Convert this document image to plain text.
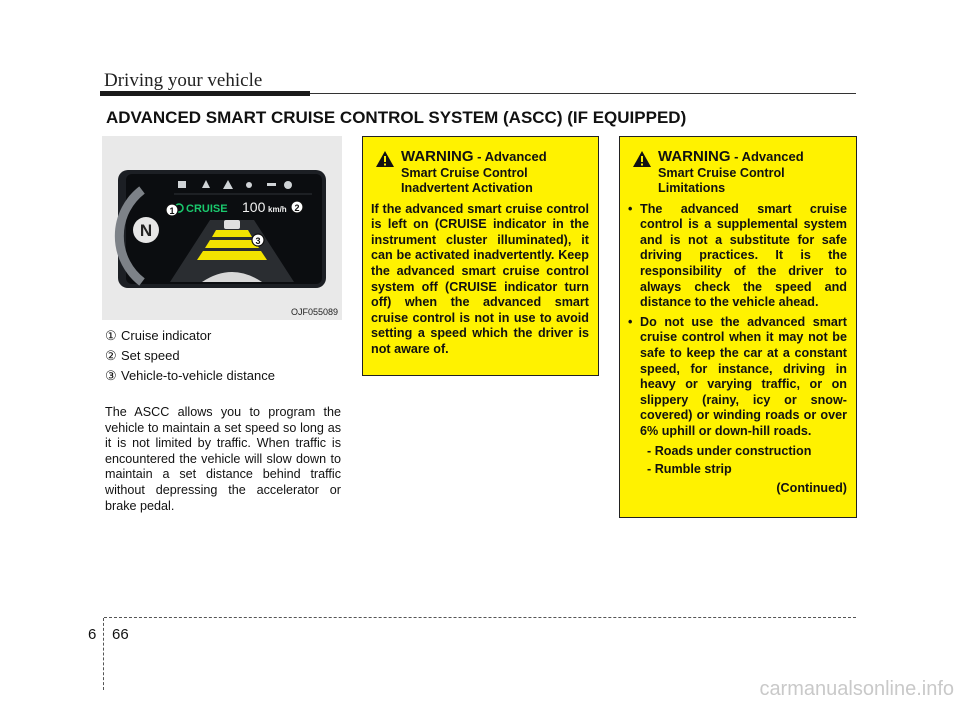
Driving your vehicle
ADVANCED SMART CRUISE CONTROL SYSTEM (ASCC) (IF EQUIPPED)
N
CRUISE 100 km/h
1	2
3
OJF055089
① Cruise indicator
② Set speed
③ Vehicle-to-vehicle distance
The ASCC allows you to program the vehicle to maintain a set speed so long as it is not limited by traffic. When traffic is encountered the vehicle will slow down to maintain a set distance behind traffic without depressing the accelerator or brake pedal.
WARNING - Advanced
Smart Cruise Control Inadvertent Activation
If the advanced smart cruise control is left on (CRUISE indicator in the instrument cluster illuminated), it can be activated inadvertently. Keep the advanced smart cruise control system off (CRUISE indicator turn off) when the advanced smart cruise control is not in use to avoid setting a speed which the driver is not aware of.
WARNING - Advanced
Smart Cruise Control Limitations
• The advanced smart cruise control is a supplemental system and is not a substitute for safe driving practices. It is the responsibility of the driver to always check the speed and distance to the vehicle ahead.
• Do not use the advanced smart cruise control when it may not be safe to keep the car at a constant speed, for instance, driving in heavy or varying traffic, or on slippery (rainy, icy or snow-covered) or winding roads or over 6% uphill or down-hill roads.
- Roads under construction
- Rumble strip
(Continued)
6 66
carmanualsonline.info
